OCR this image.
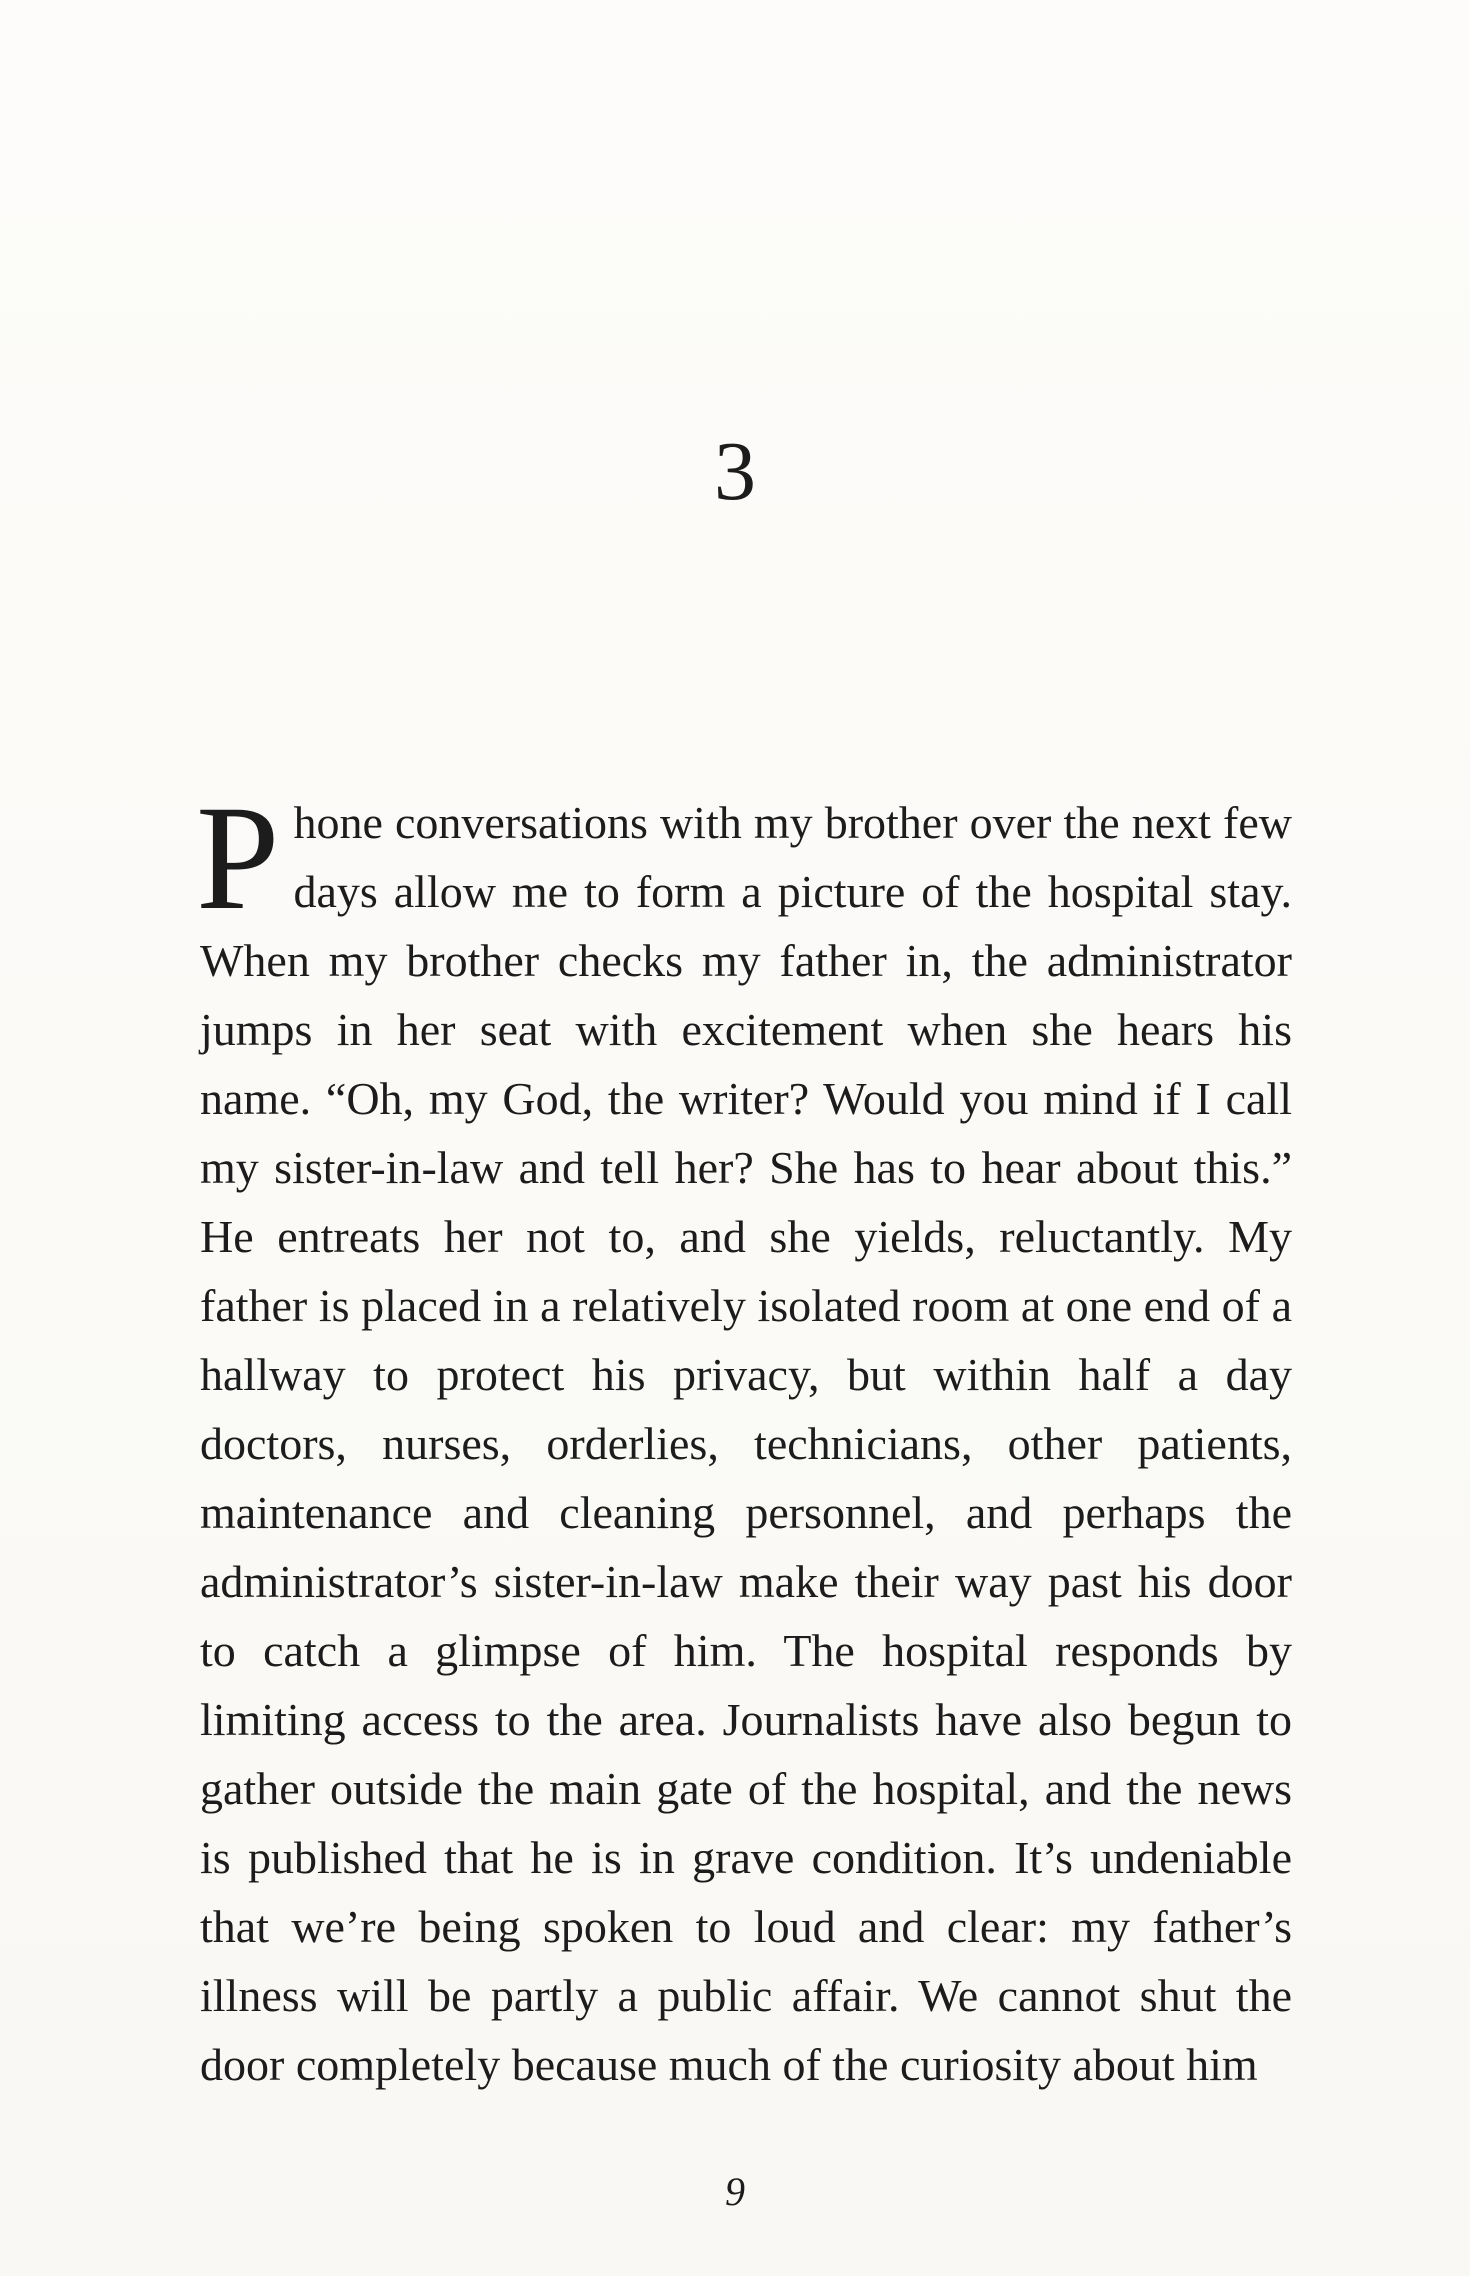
3
P hone conversations with my brother over the next few days allow me to form a picture of the hospital stay. When my brother checks my father in, the administrator jumps in her seat with excitement when she hears his name. “Oh, my God, the writer? Would you mind if I call my sister-in-law and tell her? She has to hear about this.” He entreats her not to, and she yields, reluctantly. My father is placed in a relatively isolated room at one end of a hallway to protect his privacy, but within half a day doctors, nurses, orderlies, technicians, other patients, maintenance and cleaning personnel, and perhaps the administrator’s sister-in-law make their way past his door to catch a glimpse of him. The hospital responds by limiting access to the area. Journalists have also begun to gather outside the main gate of the hospital, and the news is published that he is in grave condition. It’s undeniable that we’re being spoken to loud and clear: my father’s illness will be partly a public affair. We cannot shut the door completely because much of the curiosity about him
9
